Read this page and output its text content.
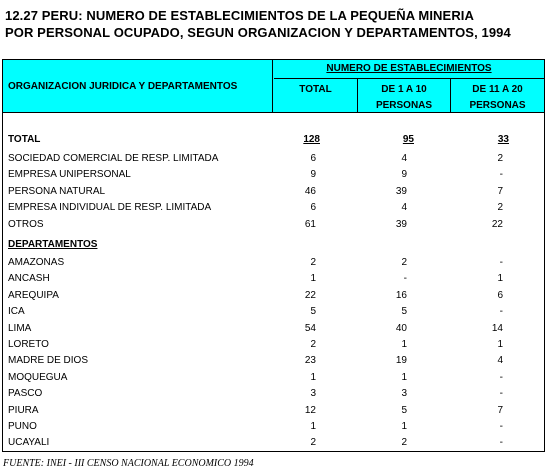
12.27 PERU: NUMERO DE ESTABLECIMIENTOS DE LA PEQUEÑA MINERIA
POR PERSONAL OCUPADO, SEGUN ORGANIZACION Y DEPARTAMENTOS, 1994
ORGANIZACION JURIDICA Y DEPARTAMENTOS
NUMERO DE ESTABLECIMIENTOS
TOTAL	DE 1 A 10
PERSONAS
DE 11 A 20
PERSONAS
TOTAL	128	95	33
SOCIEDAD COMERCIAL DE RESP. LIMITADA	6	4	2
EMPRESA UNIPERSONAL	9	9	-
PERSONA NATURAL	46	39	7
EMPRESA INDIVIDUAL DE RESP. LIMITADA	6	4	2
OTROS	61	39	22
DEPARTAMENTOS
AMAZONAS	2	2	-
ANCASH	1	-	1
AREQUIPA	22	16	6
ICA	5	5	-
LIMA	54	40	14
LORETO	2	1	1
MADRE DE DIOS	23	19	4
MOQUEGUA	1	1	-
PASCO	3	3	-
PIURA	12	5	7
PUNO	1	1	-
UCAYALI	2	2	-
FUENTE: INEI - III CENSO NACIONAL ECONOMICO 1994
